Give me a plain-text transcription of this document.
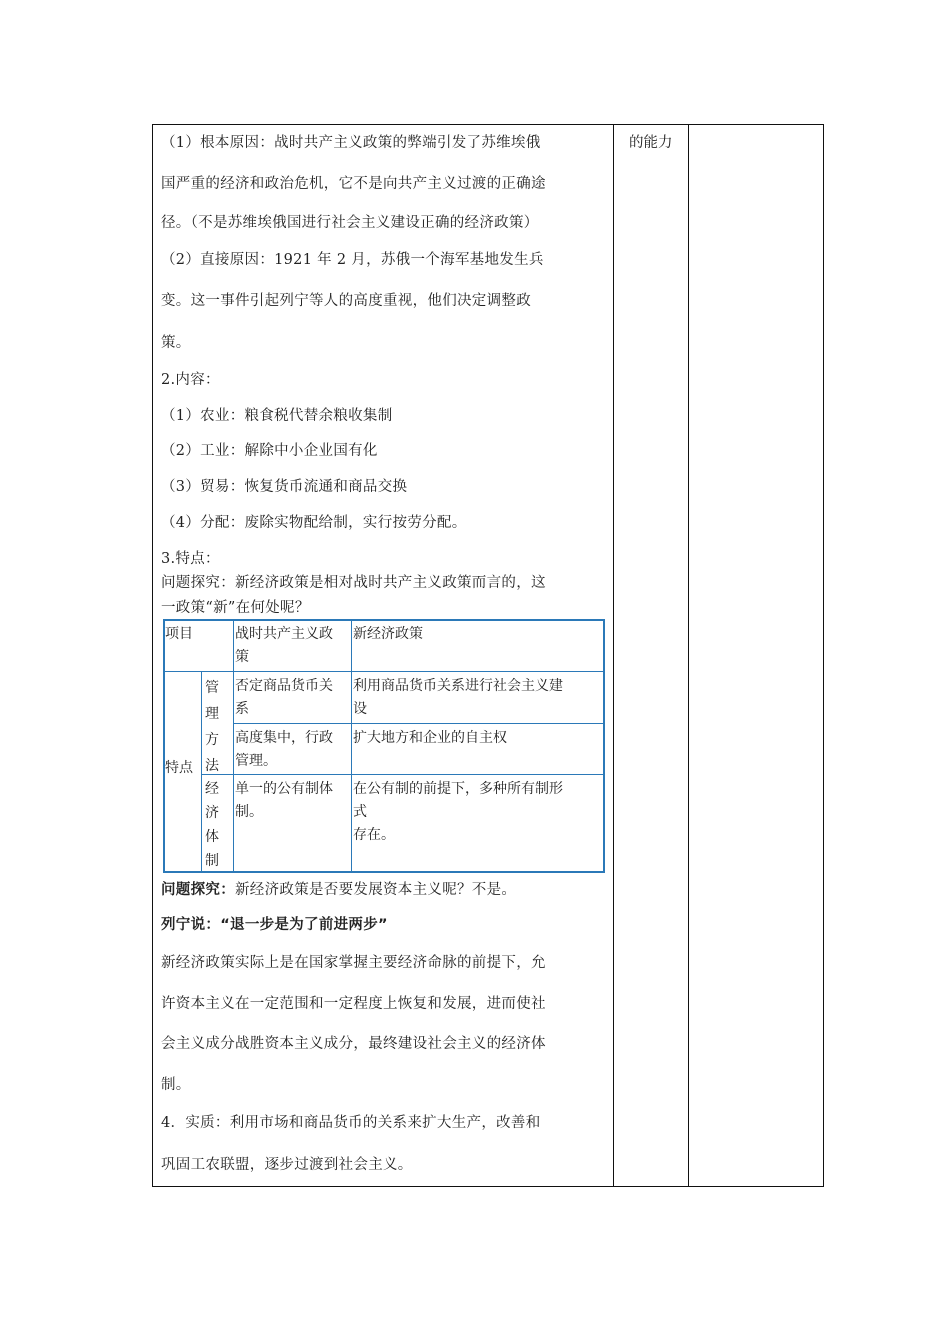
（1）根本原因：战时共产主义政策的弊端引发了苏维埃俄
国严重的经济和政治危机，它不是向共产主义过渡的正确途
径。（不是苏维埃俄国进行社会主义建设正确的经济政策）
（2）直接原因：1921 年 2 月，苏俄一个海军基地发生兵
变。这一事件引起列宁等人的高度重视，他们决定调整政
策。
2.内容：
（1）农业：粮食税代替余粮收集制
（2）工业：解除中小企业国有化
（3）贸易：恢复货币流通和商品交换
（4）分配：废除实物配给制，实行按劳分配。
3.特点：
问题探究：新经济政策是相对战时共产主义政策而言的，这
一政策“新”在何处呢？
的能力
项目	战时共产主义政
策
新经济政策
特点
管
理
方
法
经
济
体
制
否定商品货币关
系
利用商品货币关系进行社会主义建
设
高度集中，行政
管理。
扩大地方和企业的自主权
单一的公有制体
制。
在公有制的前提下，多种所有制形
式
存在。
问题探究：新经济政策是否要发展资本主义呢？不是。
列宁说：“退一步是为了前进两步”
新经济政策实际上是在国家掌握主要经济命脉的前提下，允
许资本主义在一定范围和一定程度上恢复和发展，进而使社
会主义成分战胜资本主义成分，最终建设社会主义的经济体
制。
4．实质：利用市场和商品货币的关系来扩大生产，改善和
巩固工农联盟，逐步过渡到社会主义。
